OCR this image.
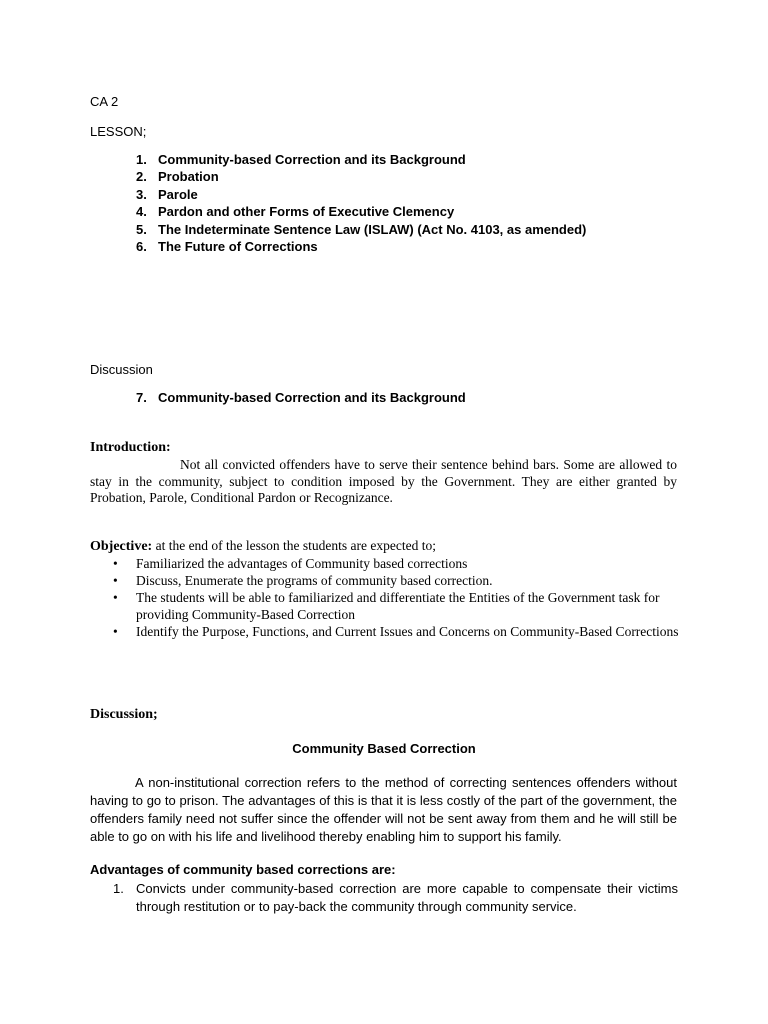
CA 2
LESSON;
1. Community-based Correction and its Background
2. Probation
3. Parole
4. Pardon and other Forms of Executive Clemency
5. The Indeterminate Sentence Law (ISLAW) (Act No. 4103, as amended)
6. The Future of Corrections
Discussion
7. Community-based Correction and its Background
Introduction:
Not all convicted offenders have to serve their sentence behind bars. Some are allowed to stay in the community, subject to condition imposed by the Government. They are either granted by Probation, Parole, Conditional Pardon or Recognizance.
Objective: at the end of the lesson the students are expected to;
• Familiarized the advantages of Community based corrections
• Discuss, Enumerate the programs of community based correction.
• The students will be able to familiarized and differentiate the Entities of the Government task for providing Community-Based Correction
• Identify the Purpose, Functions, and Current Issues and Concerns on Community-Based Corrections
Discussion;
Community Based Correction
A non-institutional correction refers to the method of correcting sentences offenders without having to go to prison. The advantages of this is that it is less costly of the part of the government, the offenders family need not suffer since the offender will not be sent away from them and he will still be able to go on with his life and livelihood thereby enabling him to support his family.
Advantages of community based corrections are:
1. Convicts under community-based correction are more capable to compensate their victims through restitution or to pay-back the community through community service.
